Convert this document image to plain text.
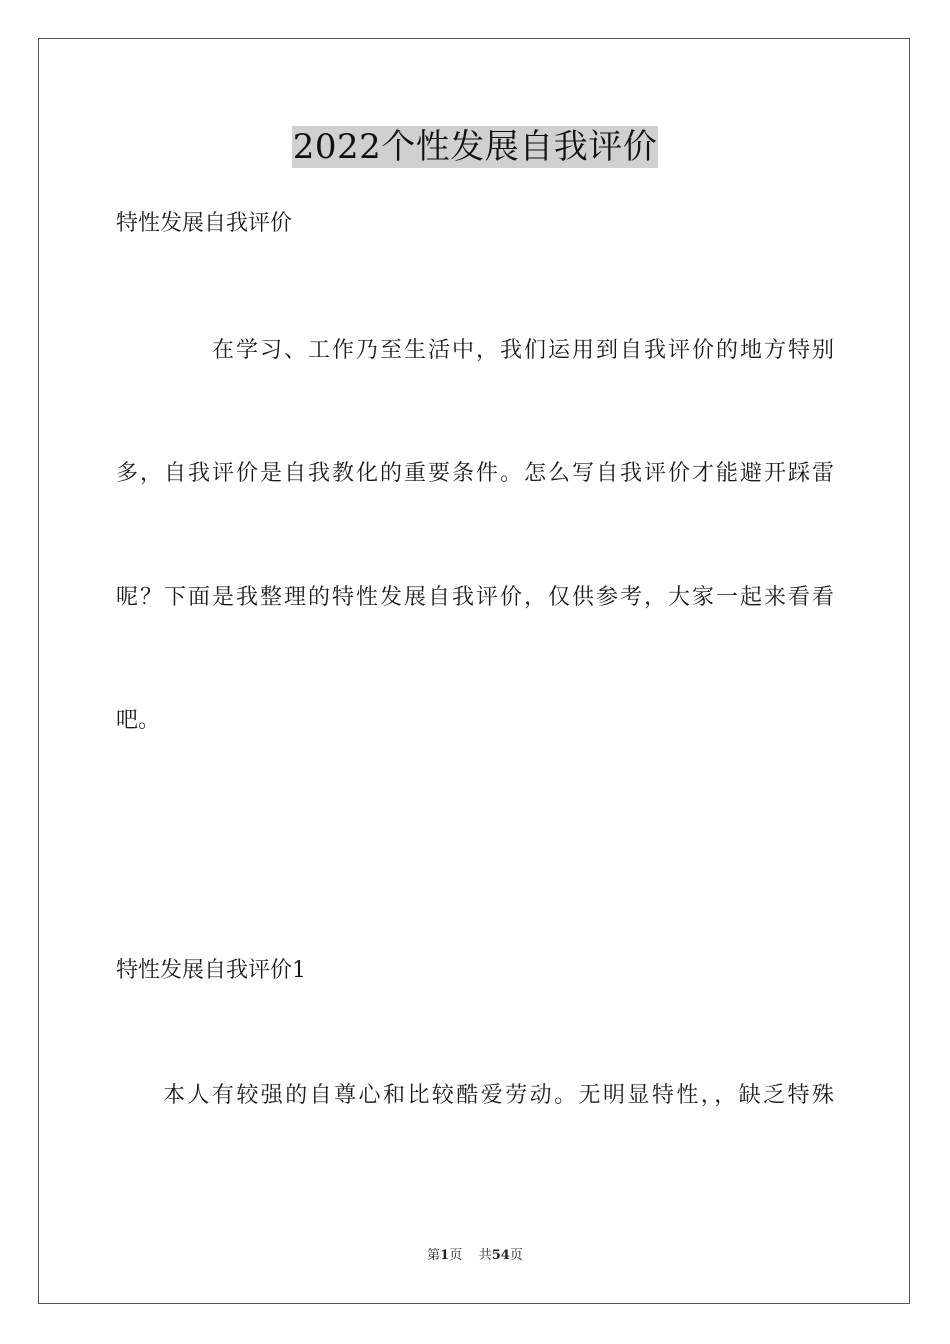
2022个性发展自我评价
特性发展自我评价
在学习、工作乃至生活中，我们运用到自我评价的地方特别
多，自我评价是自我教化的重要条件。怎么写自我评价才能避开踩雷
呢？下面是我整理的特性发展自我评价，仅供参考，大家一起来看看
吧。
特性发展自我评价1
本人有较强的自尊心和比较酷爱劳动。无明显特性，，缺乏特殊
第1页 共54页
